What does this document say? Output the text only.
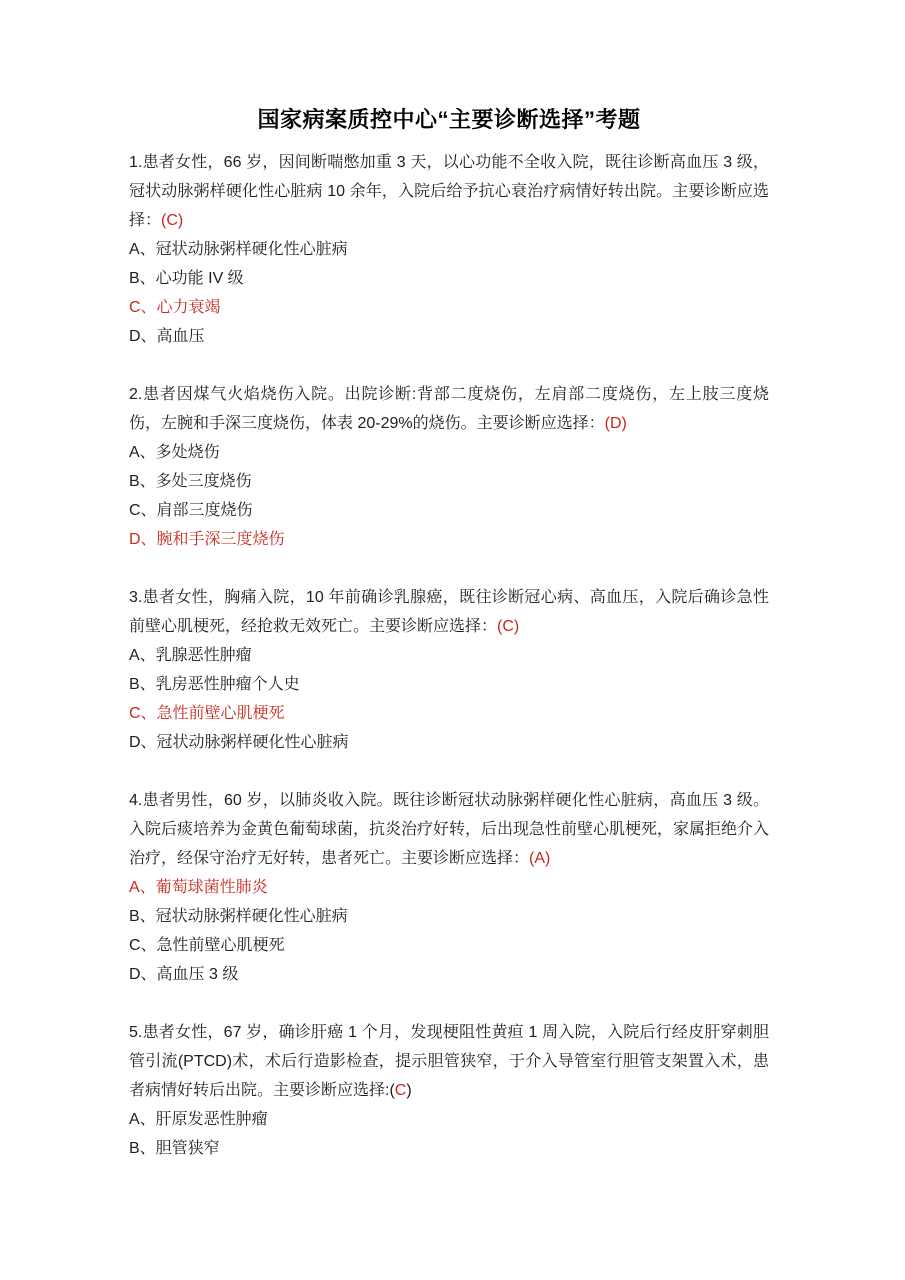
国家病案质控中心“主要诊断选择”考题

1.患者女性，66 岁，因间断喘憋加重 3 天，以心功能不全收入院，既往诊断高血压 3 级，冠状动脉粥样硬化性心脏病 10 余年，入院后给予抗心衰治疗病情好转出院。主要诊断应选择：(C)

A、冠状动脉粥样硬化性心脏病

B、心功能 IV 级

C、心力衰竭

D、高血压

2.患者因煤气火焰烧伤入院。出院诊断:背部二度烧伤，左肩部二度烧伤，左上肢三度烧伤，左腕和手深三度烧伤，体表 20-29%的烧伤。主要诊断应选择：(D)

A、多处烧伤

B、多处三度烧伤

C、肩部三度烧伤

D、腕和手深三度烧伤

3.患者女性，胸痛入院，10 年前确诊乳腺癌，既往诊断冠心病、高血压，入院后确诊急性前壁心肌梗死，经抢救无效死亡。主要诊断应选择：(C)

A、乳腺恶性肿瘤

B、乳房恶性肿瘤个人史

C、急性前壁心肌梗死

D、冠状动脉粥样硬化性心脏病

4.患者男性，60 岁，以肺炎收入院。既往诊断冠状动脉粥样硬化性心脏病，高血压 3 级。入院后痰培养为金黄色葡萄球菌，抗炎治疗好转，后出现急性前壁心肌梗死，家属拒绝介入治疗，经保守治疗无好转，患者死亡。主要诊断应选择：(A)

A、葡萄球菌性肺炎

B、冠状动脉粥样硬化性心脏病

C、急性前壁心肌梗死

D、高血压 3 级

5.患者女性，67 岁，确诊肝癌 1 个月，发现梗阻性黄疸 1 周入院，入院后行经皮肝穿刺胆管引流(PTCD)术，术后行造影检查，提示胆管狭窄，于介入导管室行胆管支架置入术，患者病情好转后出院。主要诊断应选择:(C)

A、肝原发恶性肿瘤

B、胆管狭窄
